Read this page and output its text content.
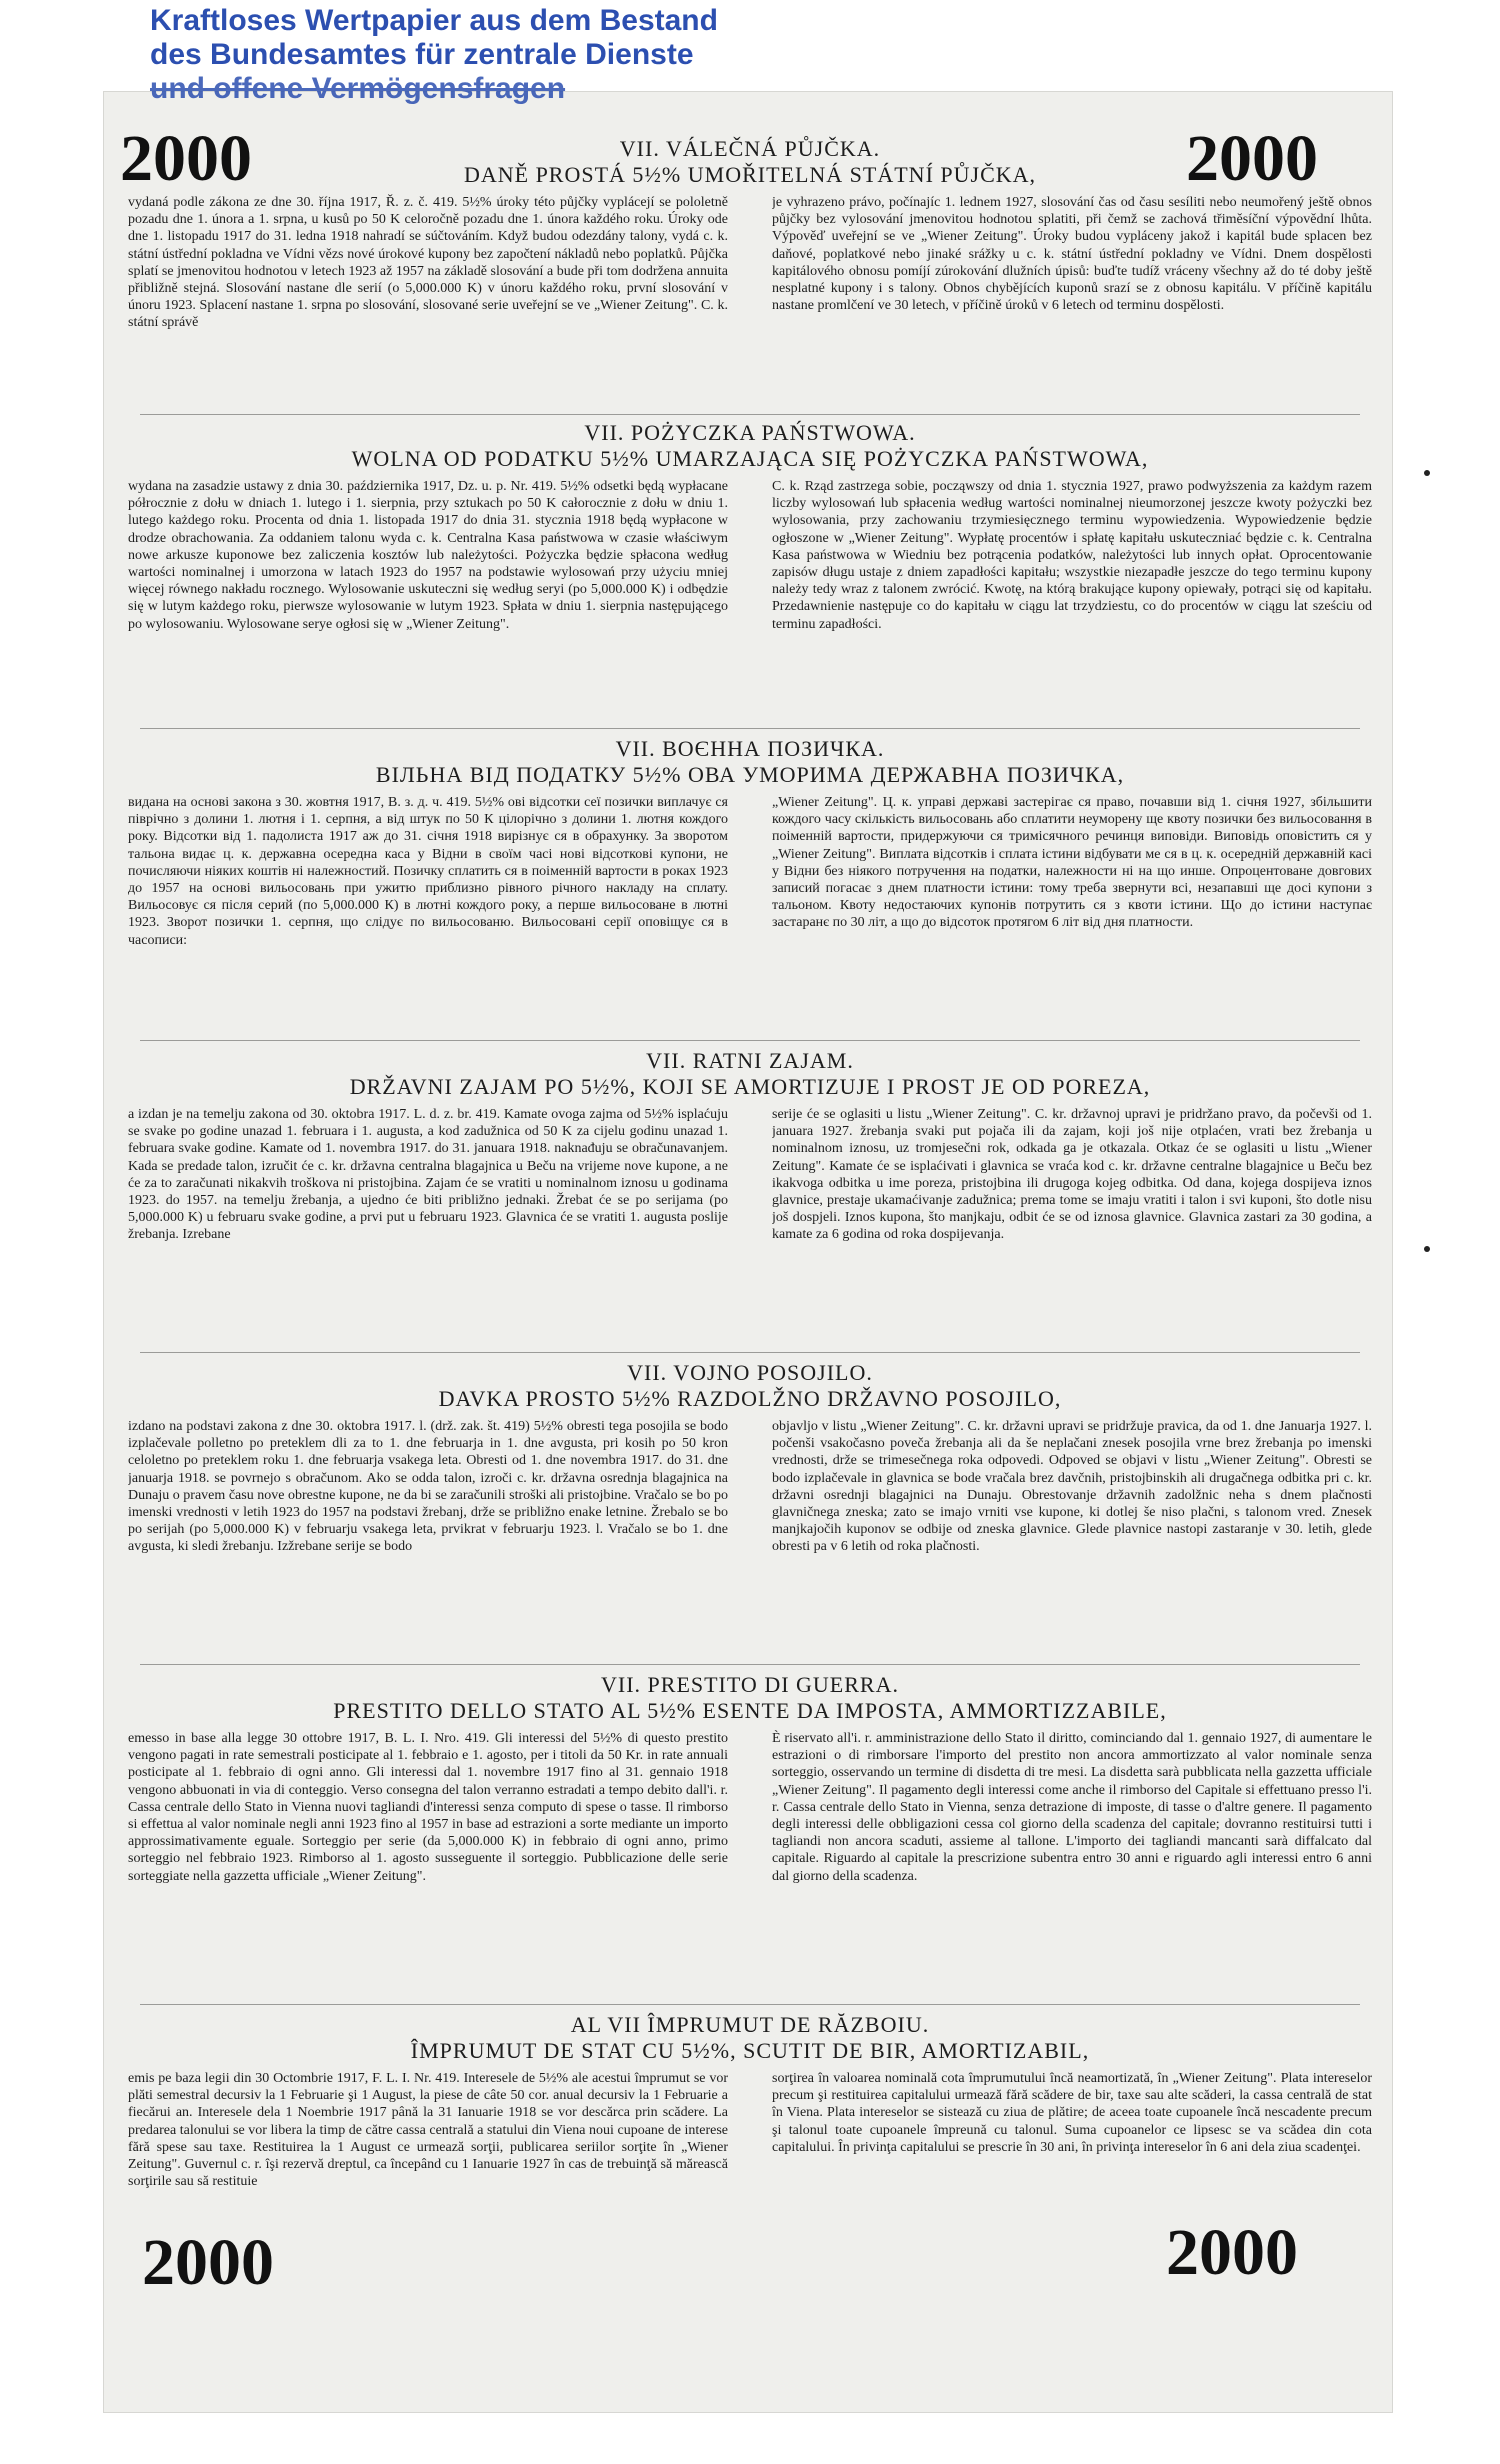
Kraftloses Wertpapier aus dem Bestand
des Bundesamtes für zentrale Dienste
und offene Vermögensfragen
2000	2000
2000	2000
VII. VÁLEČNÁ PŮJČKA.
DANĚ PROSTÁ 5½% UMOŘITELNÁ STÁTNÍ PŮJČKA,
vydaná podle zákona ze dne 30. října 1917, Ř. z. č. 419. 5½% úroky této půjčky vyplácejí se pololetně pozadu dne 1. února a 1. srpna, u kusů po 50 K celoročně pozadu dne 1. února každého roku. Úroky ode dne 1. listopadu 1917 do 31. ledna 1918 nahradí se súčtováním. Když budou odezdány talony, vydá c. k. státní ústřední pokladna ve Vídni vězs nové úrokové kupony bez započtení nákladů nebo poplatků. Půjčka splatí se jmenovitou hodnotou v letech 1923 až 1957 na základě slosování a bude při tom dodržena annuita přibližně stejná. Slosování nastane dle serií (o 5,000.000 K) v únoru každého roku, první slosování v únoru 1923. Splacení nastane 1. srpna po slosování, slosované serie uveřejní se ve „Wiener Zeitung". C. k. státní správě
je vyhrazeno právo, počínajíc 1. lednem 1927, slosování čas od času sesíliti nebo neumořený ještě obnos půjčky bez vylosování jmenovitou hodnotou splatiti, při čemž se zachová třiměsíční výpovědní lhůta. Výpověď uveřejní se ve „Wiener Zeitung". Úroky budou vypláceny jakož i kapitál bude splacen bez daňové, poplatkové nebo jinaké srážky u c. k. státní ústřední pokladny ve Vídni. Dnem dospělosti kapitálového obnosu pomíjí zúrokování dlužních úpisů: buďte tudíž vráceny všechny až do té doby ještě nesplatné kupony i s talony. Obnos chybějících kuponů srazí se z obnosu kapitálu. V příčině kapitálu nastane promlčení ve 30 letech, v příčině úroků v 6 letech od terminu dospělosti.
VII. POŻYCZKA PAŃSTWOWA.
WOLNA OD PODATKU 5½% UMARZAJĄCA SIĘ POŻYCZKA PAŃSTWOWA,
wydana na zasadzie ustawy z dnia 30. października 1917, Dz. u. p. Nr. 419. 5½% odsetki będą wypłacane półrocznie z dołu w dniach 1. lutego i 1. sierpnia, przy sztukach po 50 K całorocznie z dołu w dniu 1. lutego każdego roku. Procenta od dnia 1. listopada 1917 do dnia 31. stycznia 1918 będą wypłacone w drodze obrachowania. Za oddaniem talonu wyda c. k. Centralna Kasa państwowa w czasie właściwym nowe arkusze kuponowe bez zaliczenia kosztów lub należytości. Pożyczka będzie spłacona według wartości nominalnej i umorzona w latach 1923 do 1957 na podstawie wylosowań przy użyciu mniej więcej równego nakładu rocznego. Wylosowanie uskuteczni się według seryi (po 5,000.000 K) i odbędzie się w lutym każdego roku, pierwsze wylosowanie w lutym 1923. Spłata w dniu 1. sierpnia następującego po wylosowaniu. Wylosowane serye ogłosi się w „Wiener Zeitung".
C. k. Rząd zastrzega sobie, począwszy od dnia 1. stycznia 1927, prawo podwyższenia za każdym razem liczby wylosowań lub spłacenia według wartości nominalnej nieumorzonej jeszcze kwoty pożyczki bez wylosowania, przy zachowaniu trzymiesięcznego terminu wypowiedzenia. Wypowiedzenie będzie ogłoszone w „Wiener Zeitung". Wypłatę procentów i spłatę kapitału uskuteczniać będzie c. k. Centralna Kasa państwowa w Wiedniu bez potrącenia podatków, należytości lub innych opłat. Oprocentowanie zapisów długu ustaje z dniem zapadłości kapitału; wszystkie niezapadłe jeszcze do tego terminu kupony należy tedy wraz z talonem zwrócić. Kwotę, na którą brakujące kupony opiewały, potrąci się od kapitału. Przedawnienie następuje co do kapitału w ciągu lat trzydziestu, co do procentów w ciągu lat sześciu od terminu zapadłości.
VII. ВОЄННА ПОЗИЧКА.
ВІЛЬНА ВІД ПОДАТКУ 5½% ОВА УМОРИМА ДЕРЖАВНА ПОЗИЧКА,
видана на основі закона з 30. жовтня 1917, В. з. д. ч. 419. 5½% ові відсотки сеї позички виплачує ся піврічно з долини 1. лютня і 1. серпня, а від штук по 50 К цілорічно з долини 1. лютня кождого року. Відсотки від 1. падолиста 1917 аж до 31. січня 1918 вирізнує ся в обрахунку. За зворотом тальона видає ц. к. державна осередна каса у Відни в своїм часі нові відсоткові купони, не почисляючи ніяких коштів ні належностий. Позичку сплатить ся в поіменній вартости в роках 1923 до 1957 на основі вильосовань при ужитю приблизно рівного річного накладу на сплату. Вильосовує ся після серий (по 5,000.000 К) в лютні кождого року, а перше вильосоване в лютні 1923. Зворот позички 1. серпня, що слідує по вильосованю. Вильосовані серії оповіщує ся в часописи:
„Wiener Zeitung". Ц. к. управі державі застерігає ся право, почавши від 1. січня 1927, збільшити кождого часу скількість вильосовань або сплатити неуморену ще квоту позички без вильосовання в поіменній вартости, придержуючи ся тримісячного речинця виповіди. Виповідь оповістить ся у „Wiener Zeitung". Виплата відсотків і сплата істини відбувати ме ся в ц. к. осередній державній касі у Відни без ніякого потручення на податки, належности ні на що инше. Опроцентоване довгових записий погасає з днем платности істини: тому треба звернути всі, незапавші ще досі купони з тальоном. Квоту недостаючих купонів потрутить ся з квоти істини. Що до істини наступає застаранє по 30 літ, а що до відсоток протягом 6 літ від дня платности.
VII. RATNI ZAJAM.
DRŽAVNI ZAJAM PO 5½%, KOJI SE AMORTIZUJE I PROST JE OD POREZA,
a izdan je na temelju zakona od 30. oktobra 1917. L. d. z. br. 419. Kamate ovoga zajma od 5½% isplaćuju se svake po godine unazad 1. februara i 1. augusta, a kod zadužnica od 50 K za cijelu godinu unazad 1. februara svake godine. Kamate od 1. novembra 1917. do 31. januara 1918. naknađuju se obračunavanjem. Kada se predade talon, izručit će c. kr. državna centralna blagajnica u Beču na vrijeme nove kupone, a ne će za to zaračunati nikakvih troškova ni pristojbina. Zajam će se vratiti u nominalnom iznosu u godinama 1923. do 1957. na temelju žrebanja, a ujedno će biti približno jednaki. Žrebat će se po serijama (po 5,000.000 K) u februaru svake godine, a prvi put u februaru 1923. Glavnica će se vratiti 1. augusta poslije žrebanja. Izrebane
serije će se oglasiti u listu „Wiener Zeitung". C. kr. državnoj upravi je pridržano pravo, da počevši od 1. januara 1927. žrebanja svaki put pojača ili da zajam, koji još nije otplaćen, vrati bez žrebanja u nominalnom iznosu, uz tromjesečni rok, odkada ga je otkazala. Otkaz će se oglasiti u listu „Wiener Zeitung". Kamate će se isplaćivati i glavnica se vraća kod c. kr. državne centralne blagajnice u Beču bez ikakvoga odbitka u ime poreza, pristojbina ili drugoga kojeg odbitka. Od dana, kojega dospijeva iznos glavnice, prestaje ukamaćivanje zadužnica; prema tome se imaju vratiti i talon i svi kuponi, što dotle nisu još dospjeli. Iznos kupona, što manjkaju, odbit će se od iznosa glavnice. Glavnica zastari za 30 godina, a kamate za 6 godina od roka dospijevanja.
VII. VOJNO POSOJILO.
DAVKA PROSTO 5½% RAZDOLŽNO DRŽAVNO POSOJILO,
izdano na podstavi zakona z dne 30. oktobra 1917. l. (drž. zak. št. 419) 5½% obresti tega posojila se bodo izplačevale polletno po preteklem dli za to 1. dne februarja in 1. dne avgusta, pri kosih po 50 kron celoletno po preteklem roku 1. dne februarja vsakega leta. Obresti od 1. dne novembra 1917. do 31. dne januarja 1918. se povrnejo s obračunom. Ako se odda talon, izroči c. kr. državna osrednja blagajnica na Dunaju o pravem času nove obrestne kupone, ne da bi se zaračunili stroški ali pristojbine. Vračalo se bo po imenski vrednosti v letih 1923 do 1957 na podstavi žrebanj, drže se približno enake letnine. Žrebalo se bo po serijah (po 5,000.000 K) v februarju vsakega leta, prvikrat v februarju 1923. l. Vračalo se bo 1. dne avgusta, ki sledi žrebanju. Izžrebane serije se bodo
objavljo v listu „Wiener Zeitung". C. kr. državni upravi se pridržuje pravica, da od 1. dne Januarja 1927. l. počenši vsakočasno poveča žrebanja ali da še neplačani znesek posojila vrne brez žrebanja po imenski vrednosti, drže se trimesečnega roka odpovedi. Odpoved se objavi v listu „Wiener Zeitung". Obresti se bodo izplačevale in glavnica se bode vračala brez davčnih, pristojbinskih ali drugačnega odbitka pri c. kr. državni osrednji blagajnici na Dunaju. Obrestovanje državnih zadolžnic neha s dnem plačnosti glavničnega zneska; zato se imajo vrniti vse kupone, ki dotlej še niso plačni, s talonom vred. Znesek manjkajočih kuponov se odbije od zneska glavnice. Glede plavnice nastopi zastaranje v 30. letih, glede obresti pa v 6 letih od roka plačnosti.
VII. PRESTITO DI GUERRA.
PRESTITO DELLO STATO AL 5½% ESENTE DA IMPOSTA, AMMORTIZZABILE,
emesso in base alla legge 30 ottobre 1917, B. L. I. Nro. 419. Gli interessi del 5½% di questo prestito vengono pagati in rate semestrali posticipate al 1. febbraio e 1. agosto, per i titoli da 50 Kr. in rate annuali posticipate al 1. febbraio di ogni anno. Gli interessi dal 1. novembre 1917 fino al 31. gennaio 1918 vengono abbuonati in via di conteggio. Verso consegna del talon verranno estradati a tempo debito dall'i. r. Cassa centrale dello Stato in Vienna nuovi tagliandi d'interessi senza computo di spese o tasse. Il rimborso si effettua al valor nominale negli anni 1923 fino al 1957 in base ad estrazioni a sorte mediante un importo approssimativamente eguale. Sorteggio per serie (da 5,000.000 K) in febbraio di ogni anno, primo sorteggio nel febbraio 1923. Rimborso al 1. agosto susseguente il sorteggio. Pubblicazione delle serie sorteggiate nella gazzetta ufficiale „Wiener Zeitung".
È riservato all'i. r. amministrazione dello Stato il diritto, cominciando dal 1. gennaio 1927, di aumentare le estrazioni o di rimborsare l'importo del prestito non ancora ammortizzato al valor nominale senza sorteggio, osservando un termine di disdetta di tre mesi. La disdetta sarà pubblicata nella gazzetta ufficiale „Wiener Zeitung". Il pagamento degli interessi come anche il rimborso del Capitale si effettuano presso l'i. r. Cassa centrale dello Stato in Vienna, senza detrazione di imposte, di tasse o d'altre genere. Il pagamento degli interessi delle obbligazioni cessa col giorno della scadenza del capitale; dovranno restituirsi tutti i tagliandi non ancora scaduti, assieme al tallone. L'importo dei tagliandi mancanti sarà diffalcato dal capitale. Riguardo al capitale la prescrizione subentra entro 30 anni e riguardo agli interessi entro 6 anni dal giorno della scadenza.
AL VII ÎMPRUMUT DE RĂZBOIU.
ÎMPRUMUT DE STAT CU 5½%, SCUTIT DE BIR, AMORTIZABIL,
emis pe baza legii din 30 Octombrie 1917, F. L. I. Nr. 419. Interesele de 5½% ale acestui împrumut se vor plăti semestral decursiv la 1 Februarie şi 1 August, la piese de câte 50 cor. anual decursiv la 1 Februarie a fiecărui an. Interesele dela 1 Noembrie 1917 până la 31 Ianuarie 1918 se vor descărca prin scădere. La predarea talonului se vor libera la timp de către cassa centrală a statului din Viena noui cupoane de interese fără spese sau taxe. Restituirea la 1 August ce urmează sorţii, publicarea seriilor sorţite în „Wiener Zeitung". Guvernul c. r. îşi rezervă dreptul, ca începând cu 1 Ianuarie 1927 în cas de trebuinţă să mărească sorţirile sau să restituie
sorţirea în valoarea nominală cota împrumutului încă neamortizată, în „Wiener Zeitung". Plata intereselor precum şi restituirea capitalului urmează fără scădere de bir, taxe sau alte scăderi, la cassa centrală de stat în Viena. Plata intereselor se sistează cu ziua de plătire; de aceea toate cupoanele încă nescadente precum şi talonul toate cupoanele împreună cu talonul. Suma cupoanelor ce lipsesc se va scădea din cota capitalului. În privinţa capitalului se prescrie în 30 ani, în privinţa intereselor în 6 ani dela ziua scadenţei.
